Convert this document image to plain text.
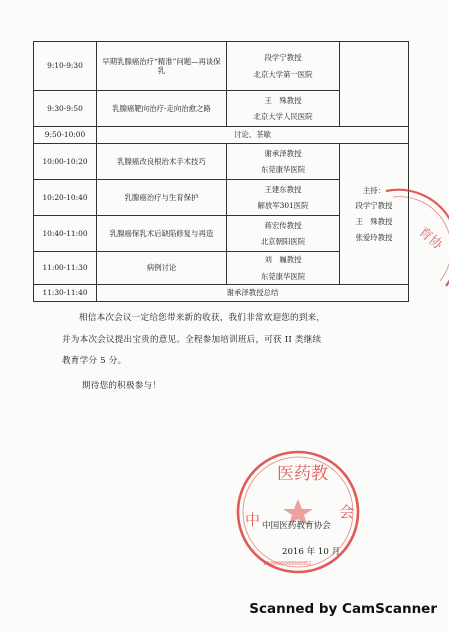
9:10-9:30	早期乳腺癌治疗“精准”问题—再谈保乳	段学宁教授
北京大学第一医院	

9:30-9:50	乳腺癌靶向治疗-走向治愈之路	王　殊教授
北京大学人民医院	

9:50-10:00	讨论、茶歇		
10:00-10:20	乳腺癌改良根治术手术技巧	谢承泽教授
东莞康华医院	主持：
段学宁教授
王　殊教授
张爱玲教授

10:20-10:40	乳腺癌治疗与生育保护	王建东教授
解放军301医院	

10:40-11:00	乳腺癌保乳术后缺陷修复与再造	蒋宏传教授
北京朝阳医院	

11:00-11:30	病例讨论	刘　巍教授
东莞康华医院	

11:30-11:40	谢承泽教授总结		
育协

相信本次会议一定给您带来新的收获，我们非常欢迎您的到来，

并为本次会议提出宝贵的意见。全程参加培训班后，可获 II 类继续

教育学分 5 分。

期待您的积极参与！

医药教
中	会
1100000000000052
中国医药教育协会
2016 年 10 月
Scanned by CamScanner
